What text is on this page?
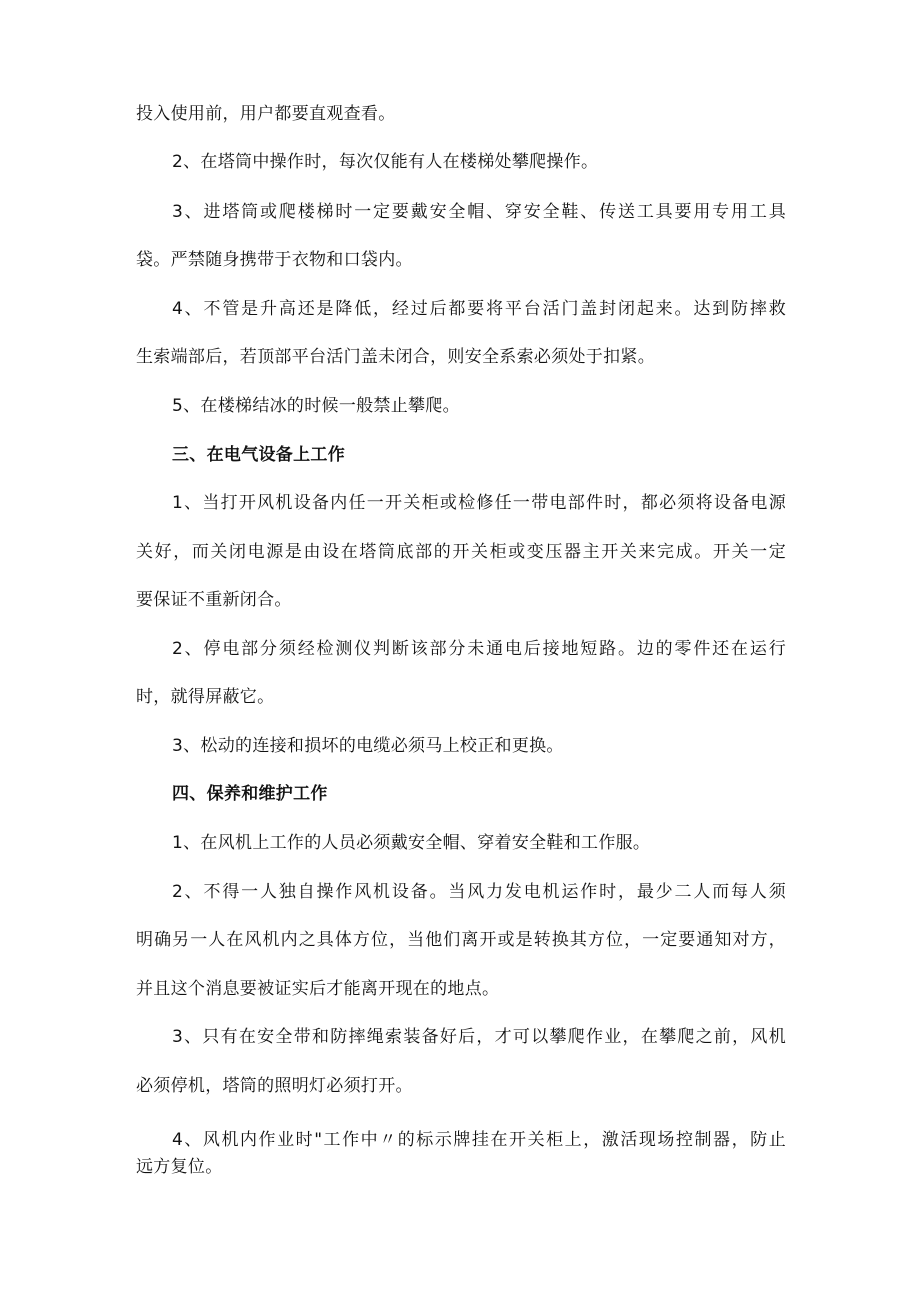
投入使用前，用户都要直观查看。
2、在塔筒中操作时，每次仅能有人在楼梯处攀爬操作。
3、进塔筒或爬楼梯时一定要戴安全帽、穿安全鞋、传送工具要用专用工具
袋。严禁随身携带于衣物和口袋内。
4、不管是升高还是降低，经过后都要将平台活门盖封闭起来。达到防摔救
生索端部后，若顶部平台活门盖未闭合，则安全系索必须处于扣紧。
5、在楼梯结冰的时候一般禁止攀爬。
三、在电气设备上工作
1、当打开风机设备内任一开关柜或检修任一带电部件时，都必须将设备电源
关好，而关闭电源是由设在塔筒底部的开关柜或变压器主开关来完成。开关一定
要保证不重新闭合。
2、停电部分须经检测仪判断该部分未通电后接地短路。边的零件还在运行
时，就得屏蔽它。
3、松动的连接和损坏的电缆必须马上校正和更换。
四、保养和维护工作
1、在风机上工作的人员必须戴安全帽、穿着安全鞋和工作服。
2、不得一人独自操作风机设备。当风力发电机运作时，最少二人而每人须
明确另一人在风机内之具体方位，当他们离开或是转换其方位，一定要通知对方，
并且这个消息要被证实后才能离开现在的地点。
3、只有在安全带和防摔绳索装备好后，才可以攀爬作业，在攀爬之前，风机
必须停机，塔筒的照明灯必须打开。
4、风机内作业时"工作中〃的标示牌挂在开关柜上，激活现场控制器，防止
远方复位。
